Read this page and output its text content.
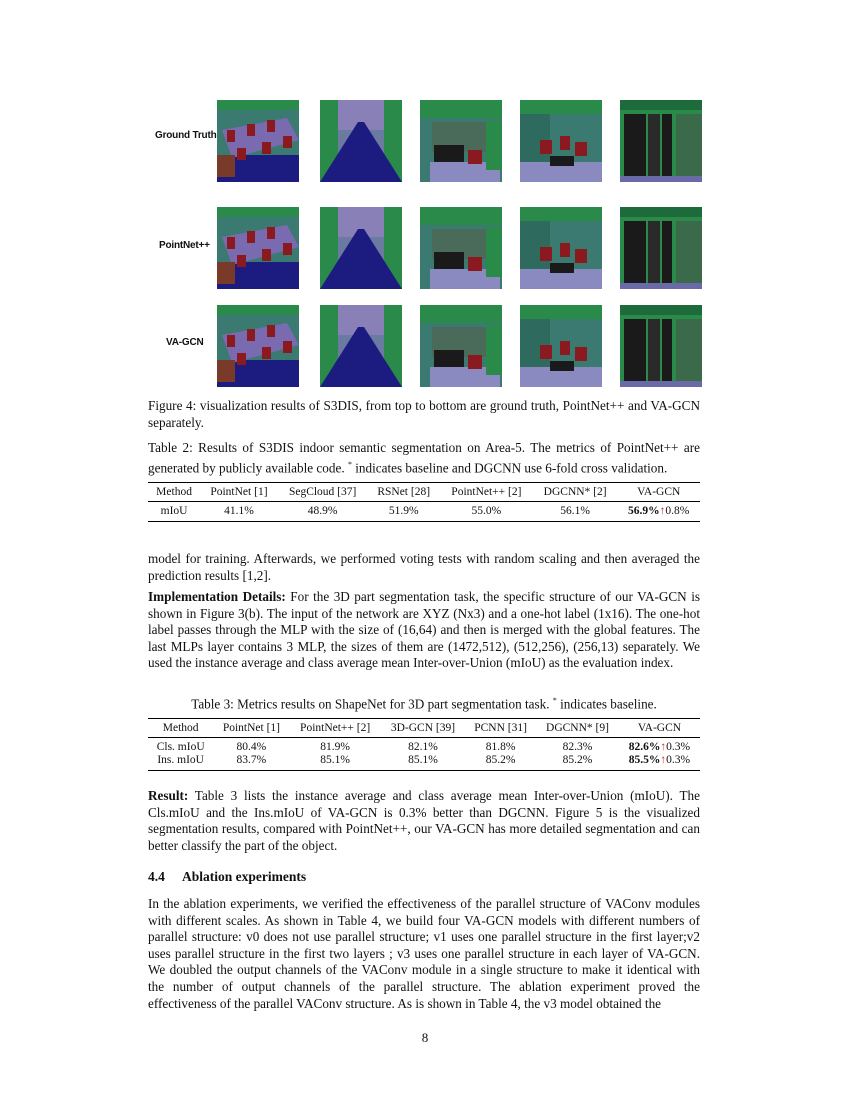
Ground Truth
PointNet++
VA-GCN
Figure 4: visualization results of S3DIS, from top to bottom are ground truth, PointNet++ and VA-GCN separately.
Table 2: Results of S3DIS indoor semantic segmentation on Area-5. The metrics of PointNet++ are generated by publicly available code. * indicates baseline and DGCNN use 6-fold cross validation.
Method	PointNet [1]	SegCloud [37]	RSNet [28]	PointNet++ [2]	DGCNN* [2]	VA-GCN
mIoU	41.1%	48.9%	51.9%	55.0%	56.1%	56.9%↑0.8%
model for training. Afterwards, we performed voting tests with random scaling and then averaged the prediction results [1,2].
Implementation Details: For the 3D part segmentation task, the specific structure of our VA-GCN is shown in Figure 3(b). The input of the network are XYZ (Nx3) and a one-hot label (1x16). The one-hot label passes through the MLP with the size of (16,64) and then is merged with the global features. The last MLPs layer contains 3 MLP, the sizes of them are (1472,512), (512,256), (256,13) separately. We used the instance average and class average mean Inter-over-Union (mIoU) as the evaluation index.
Table 3: Metrics results on ShapeNet for 3D part segmentation task. * indicates baseline.
Method	PointNet [1]	PointNet++ [2]	3D-GCN [39]	PCNN [31]	DGCNN* [9]	VA-GCN
Cls. mIoU	80.4%	81.9%	82.1%	81.8%	82.3%	82.6%↑0.3%
Ins. mIoU	83.7%	85.1%	85.1%	85.2%	85.2%	85.5%↑0.3%
Result: Table 3 lists the instance average and class average mean Inter-over-Union (mIoU). The Cls.mIoU and the Ins.mIoU of VA-GCN is 0.3% better than DGCNN. Figure 5 is the visualized segmentation results, compared with PointNet++, our VA-GCN has more detailed segmentation and can better classify the part of the object.
4.4 Ablation experiments
In the ablation experiments, we verified the effectiveness of the parallel structure of VAConv modules with different scales. As shown in Table 4, we build four VA-GCN models with different numbers of parallel structure: v0 does not use parallel structure; v1 uses one parallel structure in the first layer;v2 uses parallel structure in the first two layers ; v3 uses one parallel structure in each layer of VA-GCN. We doubled the output channels of the VAConv module in a single structure to make it identical with the number of output channels of the parallel structure. The ablation experiment proved the effectiveness of the parallel VAConv structure. As is shown in Table 4, the v3 model obtained the
8
